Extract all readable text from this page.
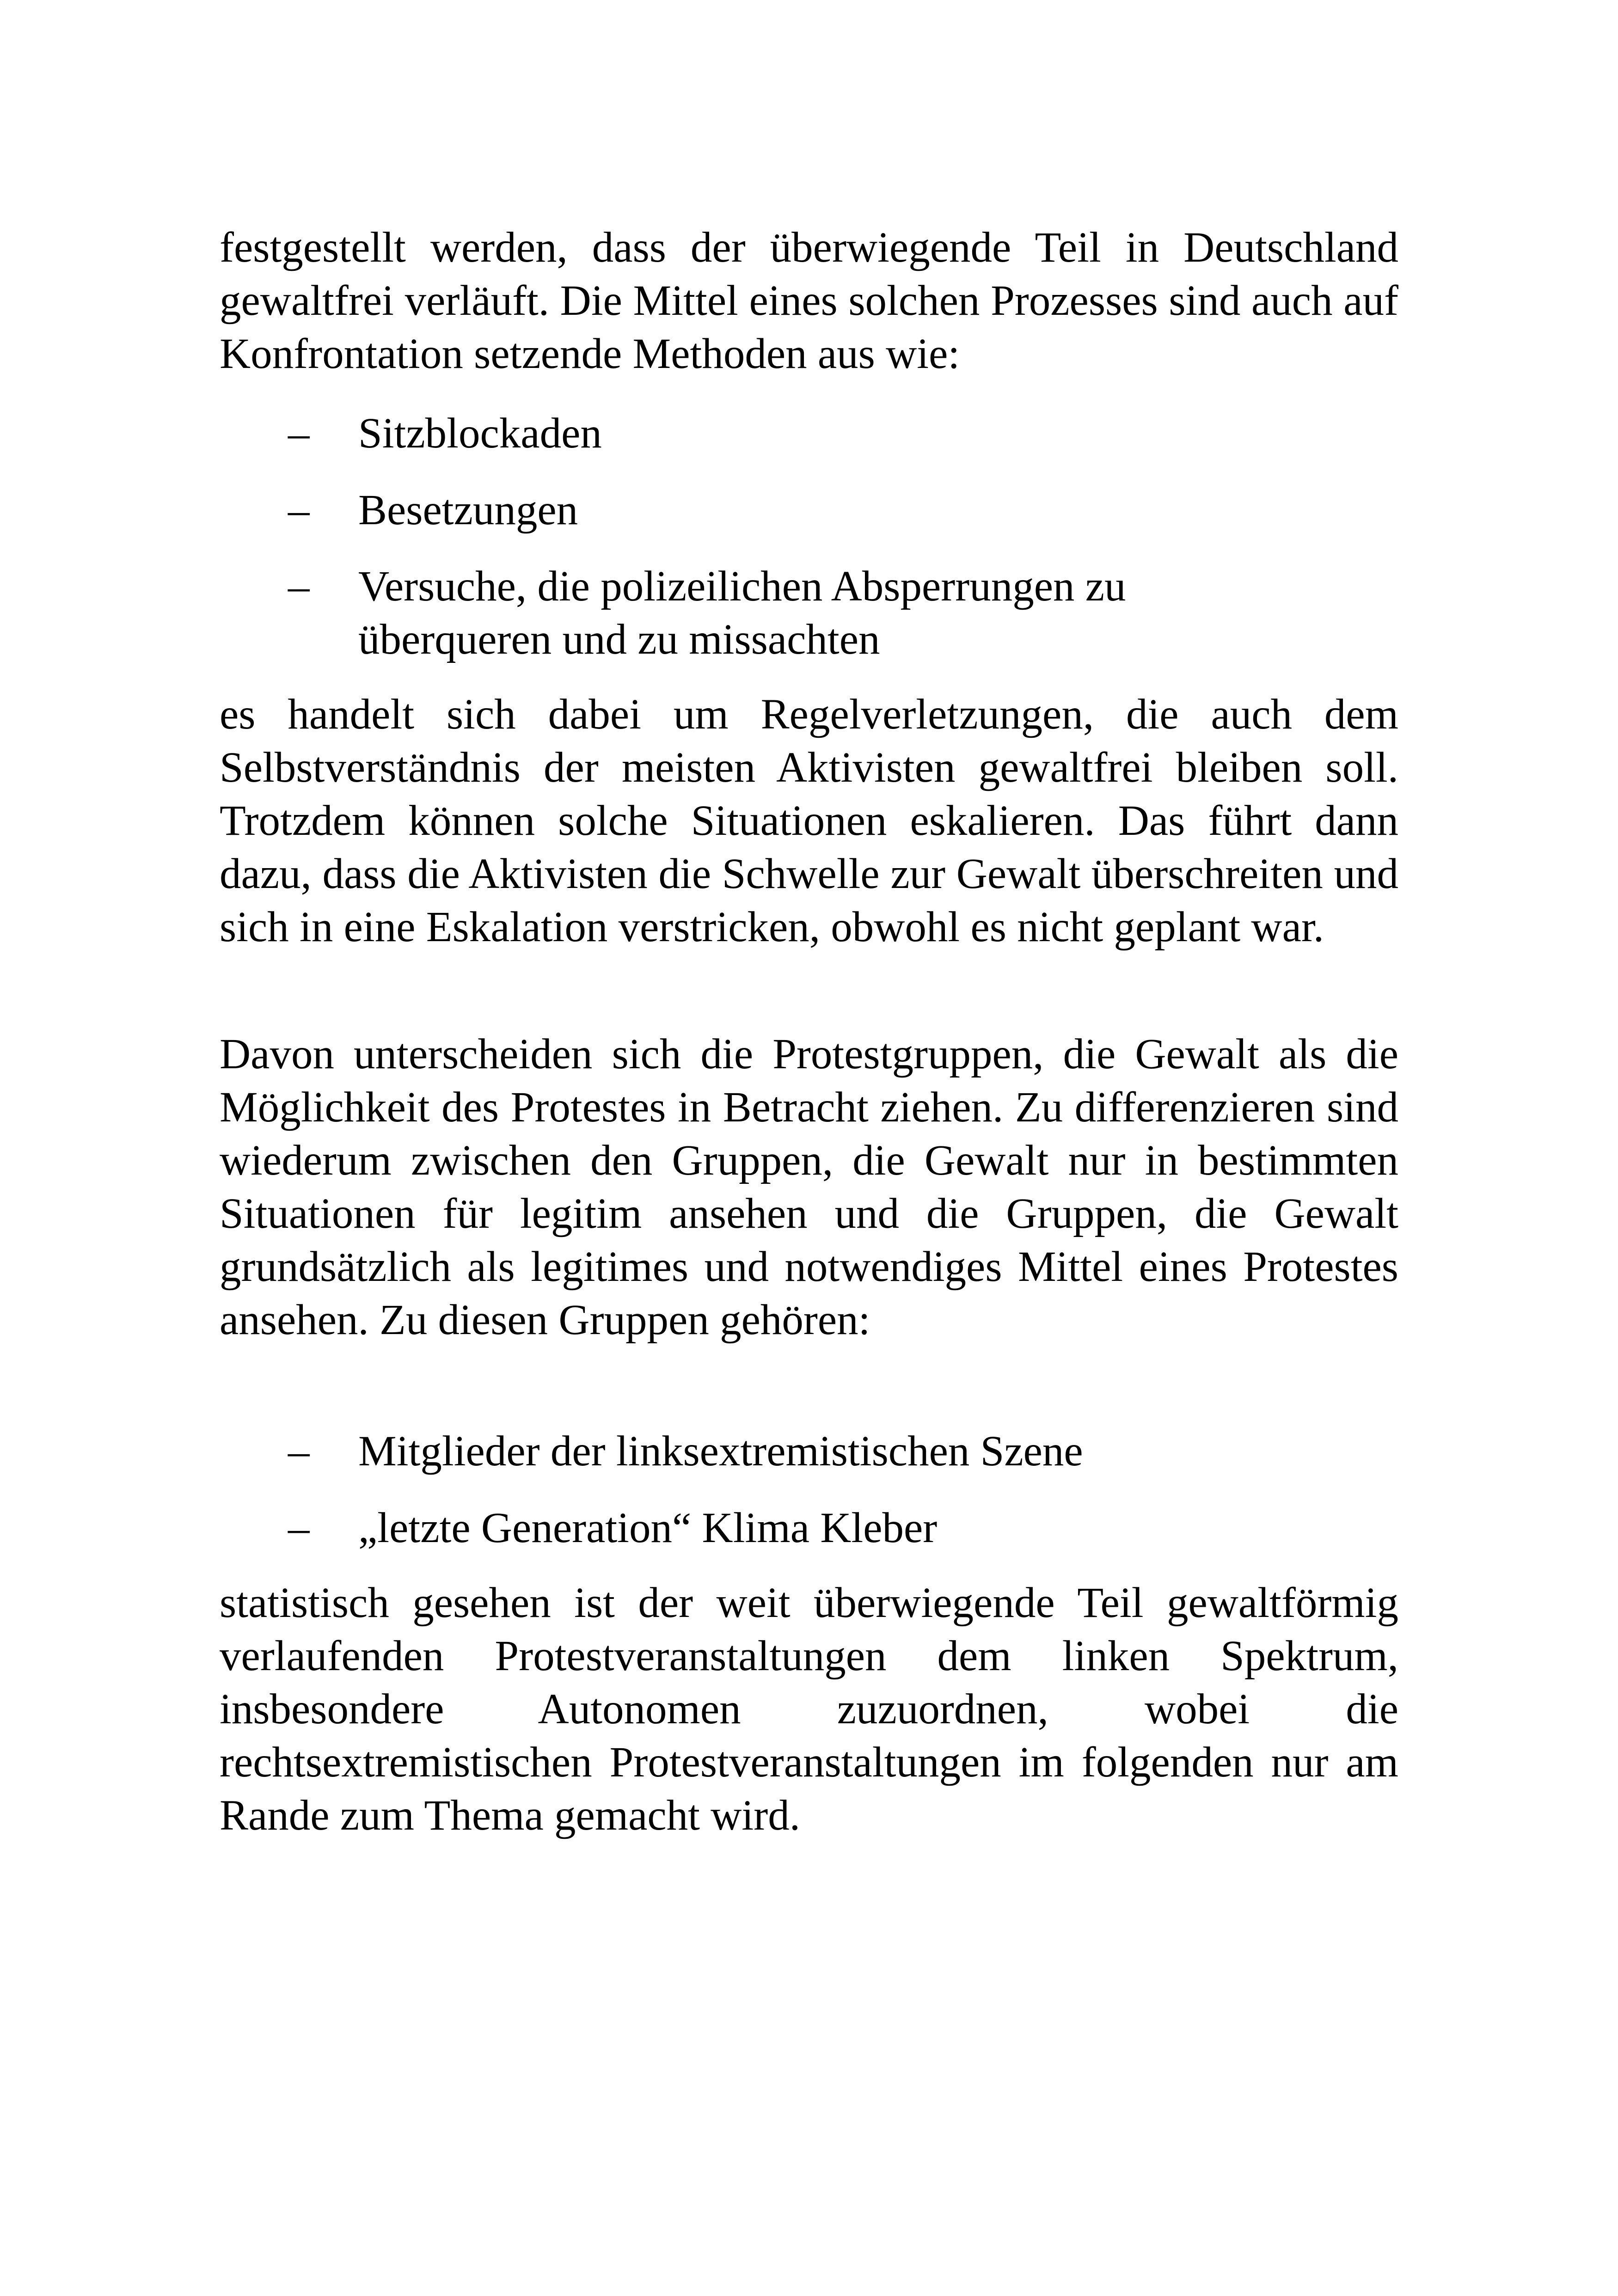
festgestellt werden, dass der überwiegende Teil in Deutschland gewaltfrei verläuft. Die Mittel eines solchen Prozesses sind auch auf Konfrontation setzende Methoden aus wie:

– Sitzblockaden
– Besetzungen
– Versuche, die polizeilichen Absperrungen zu
überqueren und zu missachten

es handelt sich dabei um Regelverletzungen, die auch dem Selbstverständnis der meisten Aktivisten gewaltfrei bleiben soll. Trotzdem können solche Situationen eskalieren. Das führt dann dazu, dass die Aktivisten die Schwelle zur Gewalt überschreiten und sich in eine Eskalation verstricken, obwohl es nicht geplant war.

Davon unterscheiden sich die Protestgruppen, die Gewalt als die Möglichkeit des Protestes in Betracht ziehen. Zu differenzieren sind wiederum zwischen den Gruppen, die Gewalt nur in bestimmten Situationen für legitim ansehen und die Gruppen, die Gewalt grundsätzlich als legitimes und notwendiges Mittel eines Protestes ansehen. Zu diesen Gruppen gehören:

– Mitglieder der linksextremistischen Szene
– „letzte Generation“ Klima Kleber

statistisch gesehen ist der weit überwiegende Teil gewaltförmig verlaufenden Protestveranstaltungen dem linken Spektrum, insbesondere Autonomen zuzuordnen, wobei die rechtsextremistischen Protestveranstaltungen im folgenden nur am Rande zum Thema gemacht wird.
